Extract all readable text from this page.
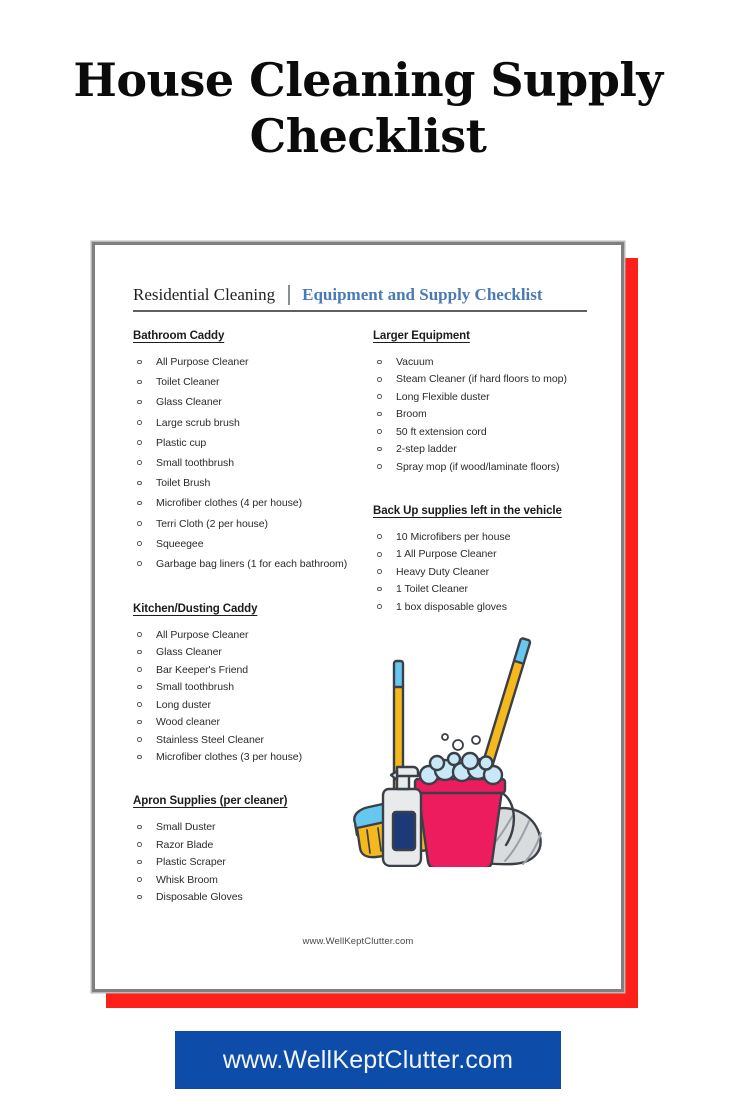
House Cleaning Supply Checklist
Residential Cleaning	Equipment and Supply Checklist
Bathroom Caddy
All Purpose Cleaner
Toilet Cleaner
Glass Cleaner
Large scrub brush
Plastic cup
Small toothbrush
Toilet Brush
Microfiber clothes (4 per house)
Terri Cloth (2 per house)
Squeegee
Garbage bag liners (1 for each bathroom)
Kitchen/Dusting Caddy
All Purpose Cleaner
Glass Cleaner
Bar Keeper's Friend
Small toothbrush
Long duster
Wood cleaner
Stainless Steel Cleaner
Microfiber clothes (3 per house)
Apron Supplies (per cleaner)
Small Duster
Razor Blade
Plastic Scraper
Whisk Broom
Disposable Gloves
Larger Equipment
Vacuum
Steam Cleaner (if hard floors to mop)
Long Flexible duster
Broom
50 ft extension cord
2-step ladder
Spray mop (if wood/laminate floors)
Back Up supplies left in the vehicle
10 Microfibers per house
1 All Purpose Cleaner
Heavy Duty Cleaner
1 Toilet Cleaner
1 box disposable gloves
www.WellKeptClutter.com
www.WellKeptClutter.com
